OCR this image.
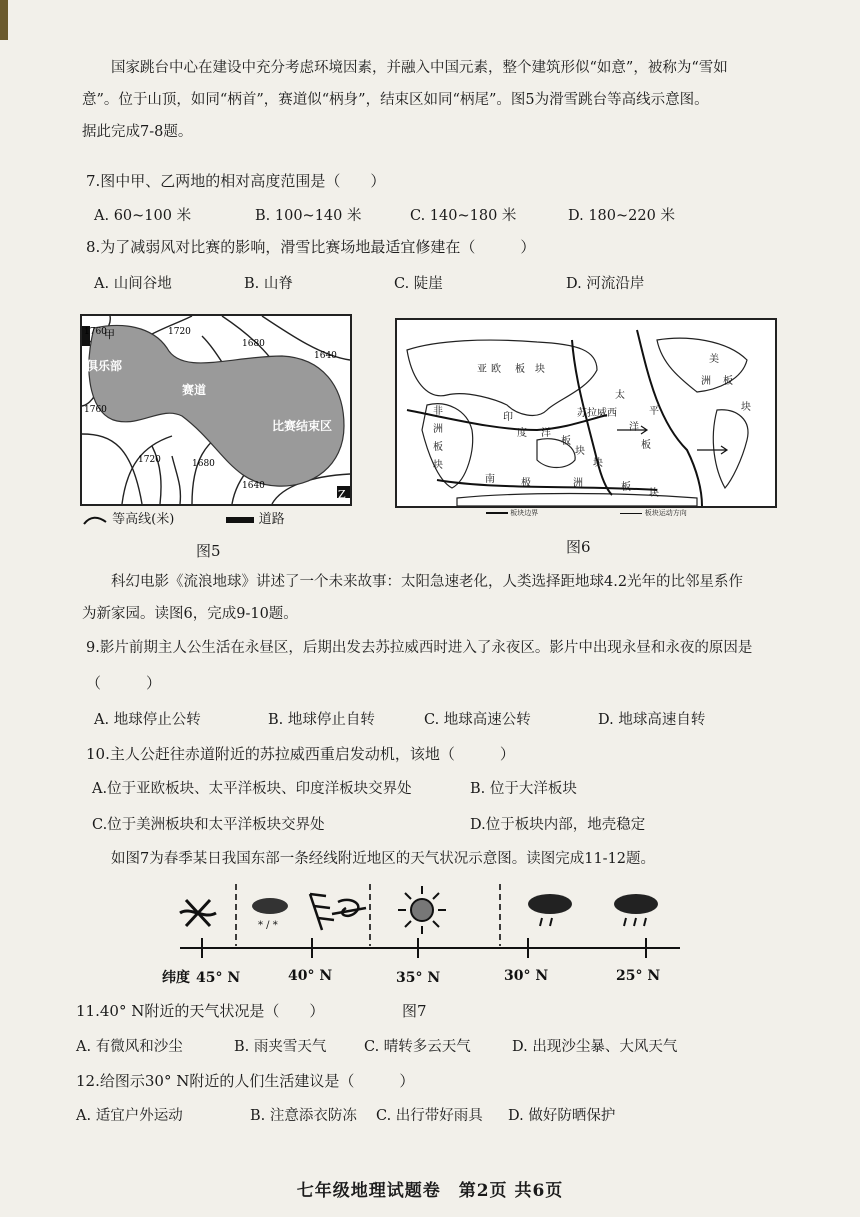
国家跳台中心在建设中充分考虑环境因素，并融入中国元素，整个建筑形似“如意”，被称为“雪如
意”。位于山顶，如同“柄首”，赛道似“柄身”，结束区如同“柄尾”。图5为滑雪跳台等高线示意图。
据此完成7-8题。
7.图中甲、乙两地的相对高度范围是（　　）
A. 60~100 米	B. 100~140 米	C. 140~180 米	D. 180~220 米
8.为了减弱风对比赛的影响，滑雪比赛场地最适宜修建在（　　　）
A. 山间谷地	B. 山脊	C. 陡崖	D. 河流沿岸
甲
Z
俱乐部
赛道
比赛结束区
1760	1720
1680
1640
1760
1720	1680
1640
等高线(米)	道路
图5
亚 欧 板 块
非
洲
板
块
印
度 洋
板
块
太
平
洋
板
块
美
洲 板
块
南	极	洲	板
块
苏拉威西
板块边界	板块运动方向
图6
科幻电影《流浪地球》讲述了一个未来故事：太阳急速老化，人类选择距地球4.2光年的比邻星系作
为新家园。读图6，完成9-10题。
9.影片前期主人公生活在永昼区，后期出发去苏拉威西时进入了永夜区。影片中出现永昼和永夜的原因是
（　　　）
A. 地球停止公转	B. 地球停止自转	C. 地球高速公转	D. 地球高速自转
10.主人公赶往赤道附近的苏拉威西重启发动机，该地（　　　）
A.位于亚欧板块、太平洋板块、印度洋板块交界处	B. 位于大洋板块
C.位于美洲板块和太平洋板块交界处	D.位于板块内部，地壳稳定
如图7为春季某日我国东部一条经线附近地区的天气状况示意图。读图完成11-12题。
* / *
纬度 45° N	40° N	35° N	30° N	25° N
11.40° N附近的天气状况是（　　）	图7
A. 有微风和沙尘	B. 雨夹雪天气	C. 晴转多云天气	D. 出现沙尘暴、大风天气
12.给图示30° N附近的人们生活建议是（　　　）
A. 适宜户外运动	B. 注意添衣防冻 C. 出行带好雨具 D. 做好防晒保护
七年级地理试题卷　第2页 共6页
